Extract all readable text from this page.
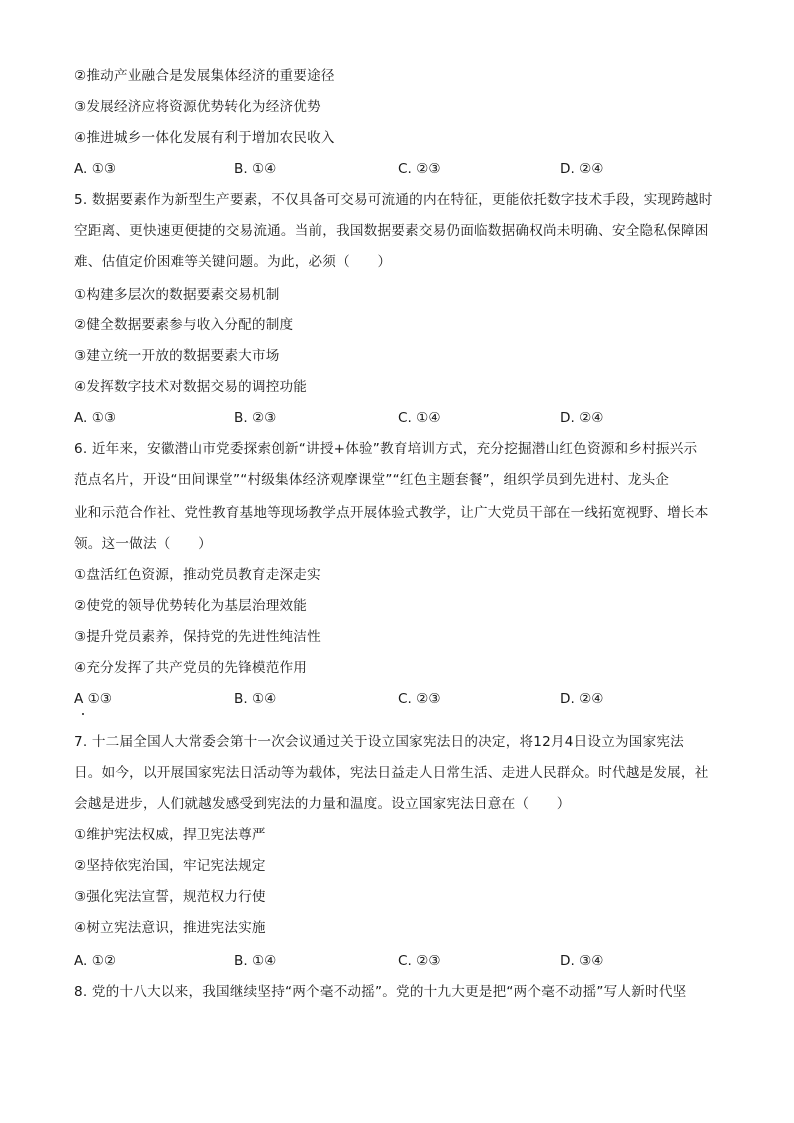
②推动产业融合是发展集体经济的重要途径
③发展经济应将资源优势转化为经济优势
④推进城乡一体化发展有利于增加农民收入
A. ①③	B. ①④	C. ②③	D. ②④
5. 数据要素作为新型生产要素，不仅具备可交易可流通的内在特征，更能依托数字技术手段，实现跨越时
空距离、更快速更便捷的交易流通。当前，我国数据要素交易仍面临数据确权尚未明确、安全隐私保障困
难、估值定价困难等关键问题。为此，必须（　　）
①构建多层次的数据要素交易机制
②健全数据要素参与收入分配的制度
③建立统一开放的数据要素大市场
④发挥数字技术对数据交易的调控功能
A. ①③	B. ②③	C. ①④	D. ②④
6. 近年来，安徽潜山市党委探索创新“讲授+体验”教育培训方式，充分挖掘潜山红色资源和乡村振兴示
范点名片，开设“田间课堂”“村级集体经济观摩课堂”“红色主题套餐”，组织学员到先进村、龙头企
业和示范合作社、党性教育基地等现场教学点开展体验式教学，让广大党员干部在一线拓宽视野、增长本
领。这一做法（　　）
①盘活红色资源，推动党员教育走深走实
②使党的领导优势转化为基层治理效能
③提升党员素养，保持党的先进性纯洁性
④充分发挥了共产党员的先锋模范作用
A ①③	B. ①④	C. ②③	D. ②④
7. 十二届全国人大常委会第十一次会议通过关于设立国家宪法日的决定，将12月4日设立为国家宪法
日。如今，以开展国家宪法日活动等为载体，宪法日益走人日常生活、走进人民群众。时代越是发展，社
会越是进步，人们就越发感受到宪法的力量和温度。设立国家宪法日意在（　　）
①维护宪法权威，捍卫宪法尊严
②坚持依宪治国，牢记宪法规定
③强化宪法宣誓，规范权力行使
④树立宪法意识，推进宪法实施
A. ①②	B. ①④	C. ②③	D. ③④
8. 党的十八大以来，我国继续坚持“两个毫不动摇”。党的十九大更是把“两个毫不动摇”写人新时代坚
